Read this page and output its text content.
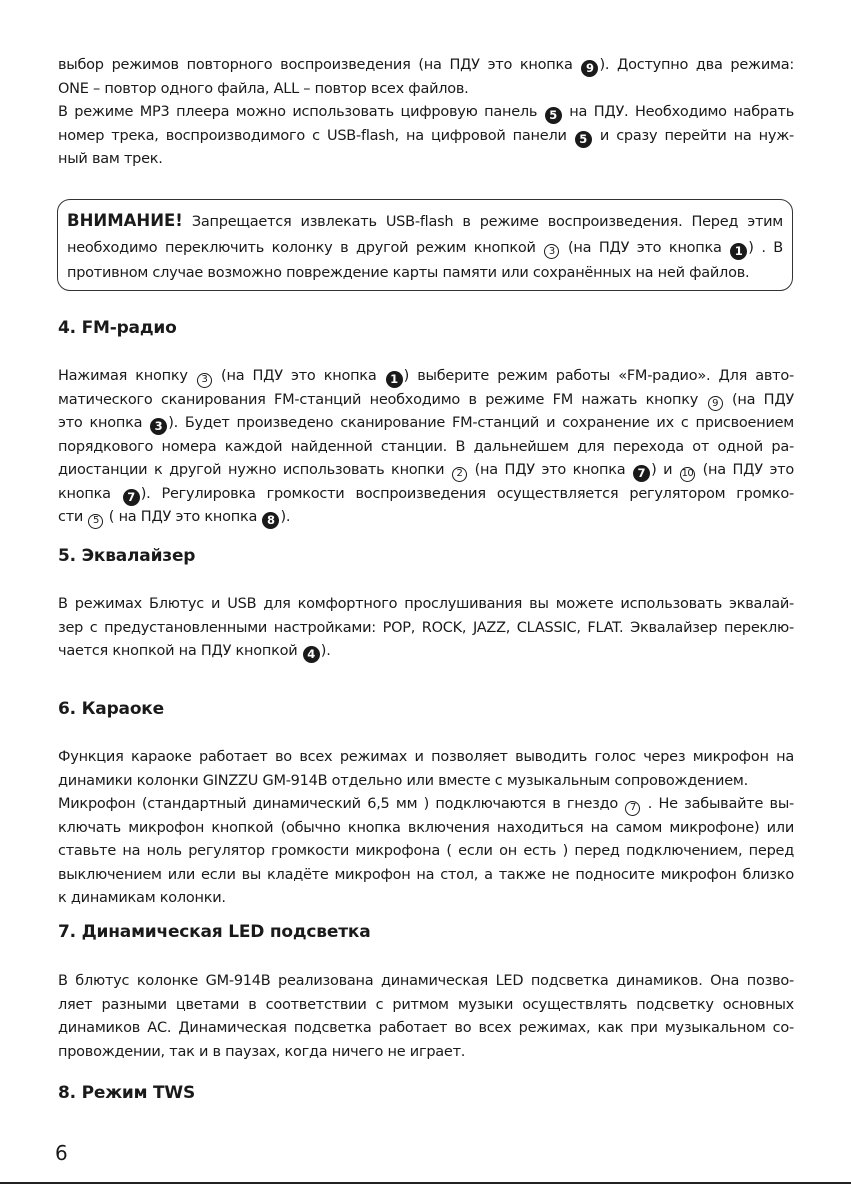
выбор режимов повторного воспроизведения (на ПДУ это кнопка 9 ). Доступно два режима:
ONE – повтор одного файла, ALL – повтор всех файлов.
В режиме MP3 плеера можно использовать цифровую панель 5 на ПДУ. Необходимо набрать
номер трека, воспроизводимого с USB-flash, на цифровой панели 5 и сразу перейти на нуж-
ный вам трек.

ВНИМАНИЕ! Запрещается извлекать USB-flash в режиме воспроизведения. Перед этим
необходимо переключить колонку в другой режим кнопкой 3 (на ПДУ это кнопка 1 ) . В
противном случае возможно повреждение карты памяти или сохранённых на ней файлов.

4. FM-радио

Нажимая кнопку 3 (на ПДУ это кнопка 1 ) выберите режим работы «FM-радио». Для авто-
матического сканирования FM-станций необходимо в режиме FM нажать кнопку 9 (на ПДУ
это кнопка 3 ). Будет произведено сканирование FM-станций и сохранение их с присвоением
порядкового номера каждой найденной станции. В дальнейшем для перехода от одной ра-
диостанции к другой нужно использовать кнопки 2 (на ПДУ это кнопка 7 ) и 10 (на ПДУ это
кнопка 7 ). Регулировка громкости воспроизведения осуществляется регулятором громко-
сти 5 ( на ПДУ это кнопка 8 ).

5. Эквалайзер

В режимах Блютус и USB для комфортного прослушивания вы можете использовать эквалай-
зер с предустановленными настройками: POP, ROCK, JAZZ, CLASSIC, FLAT. Эквалайзер переклю-
чается кнопкой на ПДУ кнопкой 4 ).

6. Караоке

Функция караоке работает во всех режимах и позволяет выводить голос через микрофон на
динамики колонки GINZZU GM-914B отдельно или вместе с музыкальным сопровождением.
Микрофон (стандартный динамический 6,5 мм ) подключаются в гнездо 7 . Не забывайте вы-
ключать микрофон кнопкой (обычно кнопка включения находиться на самом микрофоне) или
ставьте на ноль регулятор громкости микрофона ( если он есть ) перед подключением, перед
выключением или если вы кладёте микрофон на стол, а также не подносите микрофон близко
к динамикам колонки.

7. Динамическая LED подсветка

В блютус колонке GM-914B реализована динамическая LED подсветка динамиков. Она позво-
ляет разными цветами в соответствии с ритмом музыки осуществлять подсветку основных
динамиков АС. Динамическая подсветка работает во всех режимах, как при музыкальном со-
провождении, так и в паузах, когда ничего не играет.

8. Режим TWS

6
